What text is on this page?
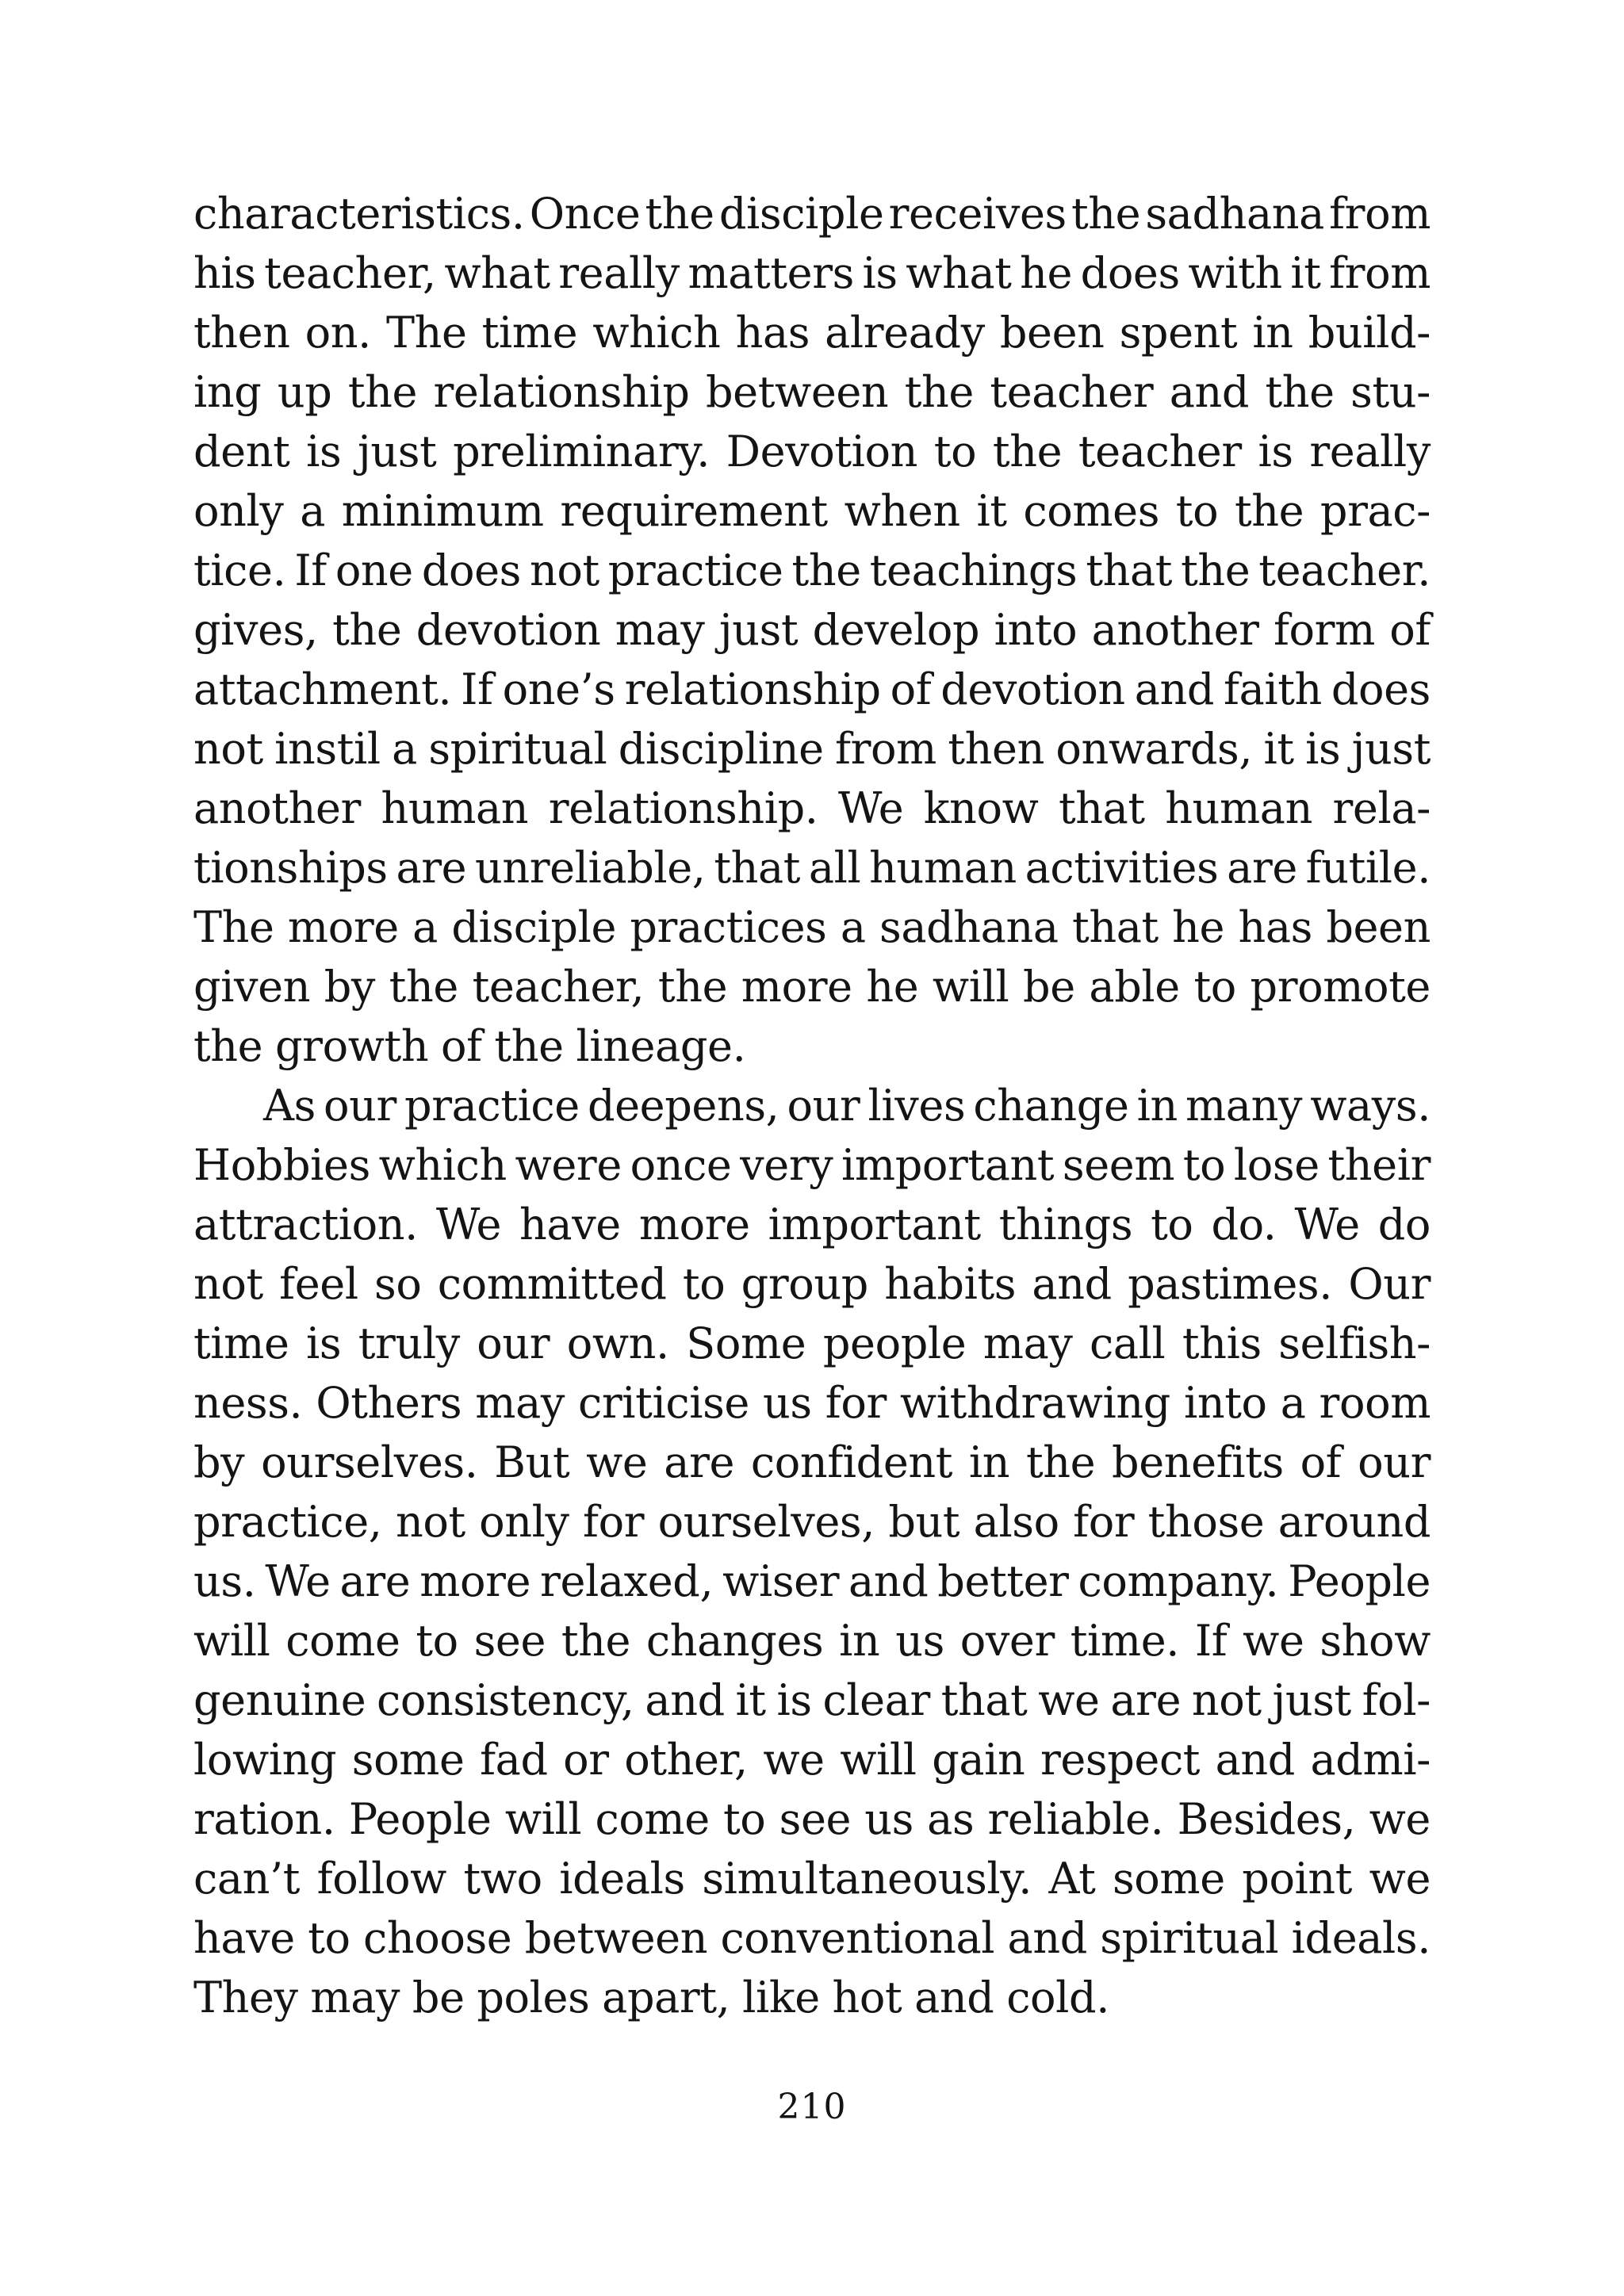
characteristics. Once the disciple receives the sadhana from
his teacher, what really matters is what he does with it from
then on. The time which has already been spent in build-
ing up the relationship between the teacher and the stu-
dent is just preliminary. Devotion to the teacher is really
only a minimum requirement when it comes to the prac-
tice. If one does not practice the teachings that the teacher.
gives, the devotion may just develop into another form of
attachment. If one’s relationship of devotion and faith does
not instil a spiritual discipline from then onwards, it is just
another human relationship. We know that human rela-
tionships are unreliable, that all human activities are futile.
The more a disciple practices a sadhana that he has been
given by the teacher, the more he will be able to promote
the growth of the lineage.
As our practice deepens, our lives change in many ways.
Hobbies which were once very important seem to lose their
attraction. We have more important things to do. We do
not feel so committed to group habits and pastimes. Our
time is truly our own. Some people may call this selfish-
ness. Others may criticise us for withdrawing into a room
by ourselves. But we are confident in the benefits of our
practice, not only for ourselves, but also for those around
us. We are more relaxed, wiser and better company. People
will come to see the changes in us over time. If we show
genuine consistency, and it is clear that we are not just fol-
lowing some fad or other, we will gain respect and admi-
ration. People will come to see us as reliable. Besides, we
can’t follow two ideals simultaneously. At some point we
have to choose between conventional and spiritual ideals.
They may be poles apart, like hot and cold.
210
